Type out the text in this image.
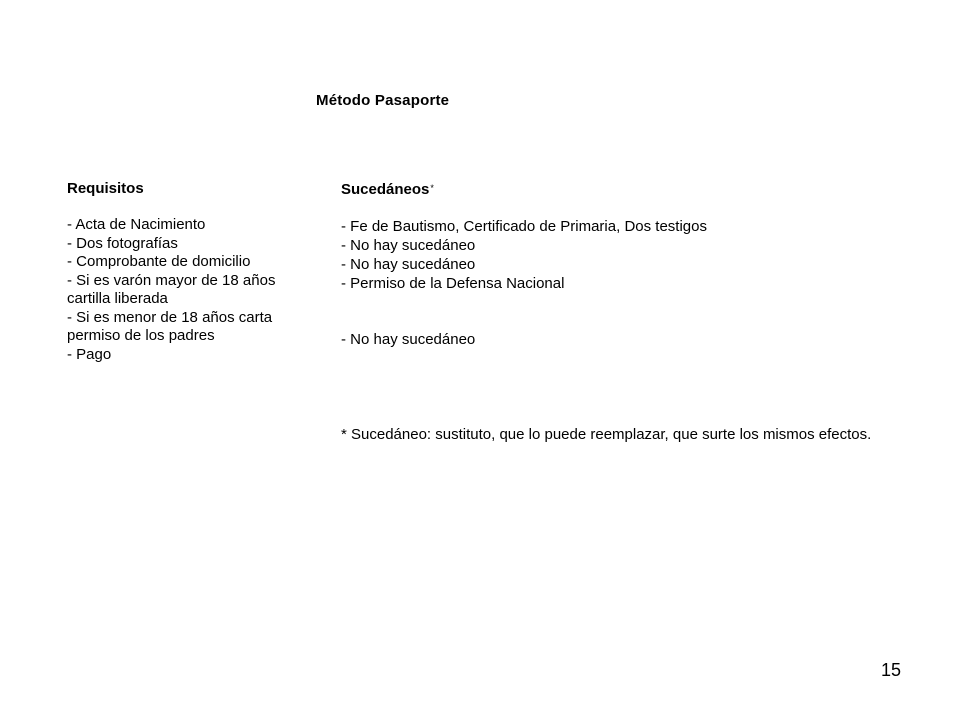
Método Pasaporte
Requisitos
- Acta de Nacimiento
- Dos fotografías
- Comprobante de domicilio
- Si es varón mayor de 18 años cartilla liberada
- Si es menor de 18 años carta permiso de los padres
- Pago
Sucedáneos*
- Fe de Bautismo, Certificado de Primaria, Dos testigos
- No hay sucedáneo
- No hay sucedáneo
- Permiso de la Defensa Nacional
- No hay sucedáneo
* Sucedáneo: sustituto, que lo puede reemplazar, que surte los mismos efectos.
15
